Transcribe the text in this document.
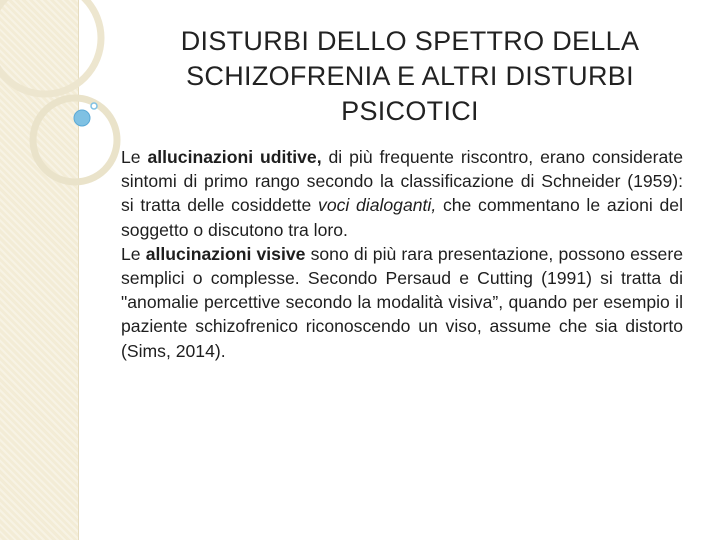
DISTURBI DELLO SPETTRO DELLA
SCHIZOFRENIA E ALTRI DISTURBI
PSICOTICI

Le allucinazioni uditive, di più frequente riscontro, erano considerate sintomi di primo rango secondo la classificazione di Schneider (1959): si tratta delle cosiddette voci dialoganti, che commentano le azioni del soggetto o discutono tra loro.

Le allucinazioni visive sono di più rara presentazione, possono essere semplici o complesse. Secondo Persaud e Cutting (1991) si tratta di "anomalie percettive secondo la modalità visiva”, quando per esempio il paziente schizofrenico riconoscendo un viso, assume che sia distorto (Sims, 2014).
